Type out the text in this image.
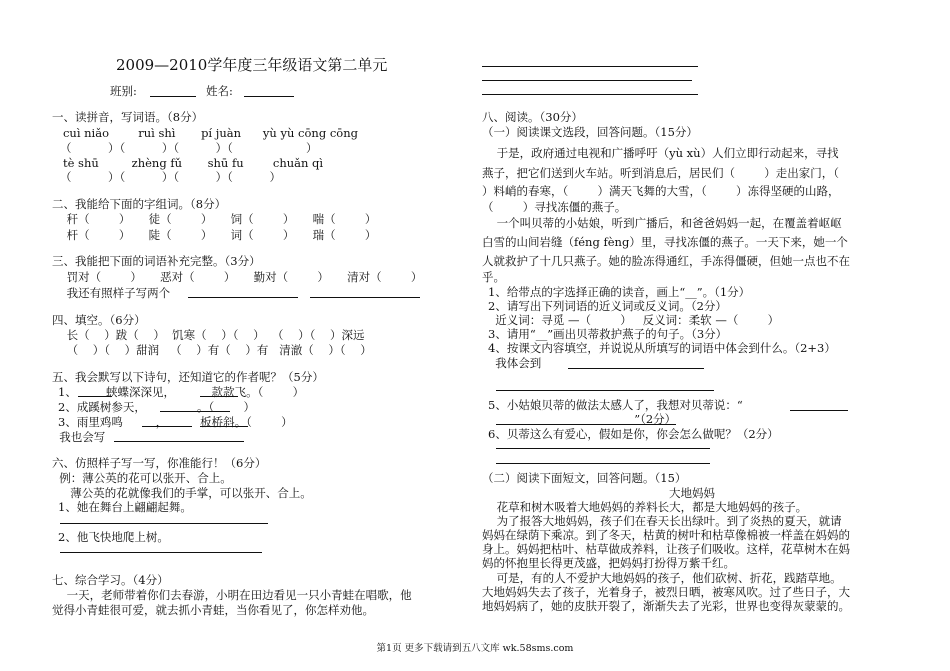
2009—2010学年度三年级语文第二单元
班别:	姓名:
一、读拼音，写词语。（8分）
cuì niǎo        ruì shì       pí juàn      yù yù cōng cōng
（          ）（          ）（          ）（                    ）
tè shū         zhèng fǔ       shū fu        chuǎn qì
（          ）（          ）（          ）（          ）
二、我能给下面的字组词。（8分）
秆（        ）     徒（        ）     饲（        ）     喘（        ）
杆（        ）     陡（        ）     词（        ）     瑞（        ）
三、我能把下面的词语补充完整。（3分）
罚对（        ）     恶对（        ）     勤对（        ）     清对（        ）
我还有照样子写两个
四、填空。（6分）
长（    ）跋（    ）  饥寒（    ）（    ）  （    ）（    ）深远
（    ）（    ）甜润   （    ）有（    ）有   清澈（    ）（    ）
五、我会默写以下诗句，还知道它的作者呢？（5分）
1、        蛱蝶深深见，          款款飞。（        ）
2、成蹊树参天，              。（        ）
3、雨里鸡鸣         ，         板桥斜。（        ）
我也会写
六、仿照样子写一写，你准能行！（6分）
例：薄公英的花可以张开、合上。
薄公英的花就像我们的手掌，可以张开、合上。
1、她在舞台上翩翩起舞。
2、他飞快地爬上树。
七、综合学习。（4分）
一天，老师带着你们去春游，小明在田边看见一只小青蛙在唱歌，他
觉得小青蛙很可爱，就去抓小青蛙，当你看见了，你怎样劝他。
八、阅读。（30分）
（一）阅读课文选段，回答问题。（15分）
于是，政府通过电视和广播呼吁（yù xù）人们立即行动起来，寻找
燕子，把它们送到火车站。听到消息后，居民们（        ）走出家门，（
）料峭的春寒，（        ）满天飞舞的大雪，（        ）冻得坚硬的山路，
（        ）寻找冻僵的燕子。
一个叫贝蒂的小姑娘，听到广播后，和爸爸妈妈一起，在覆盖着岖岖
白雪的山间岩缝（féng fèng）里，寻找冻僵的燕子。一天下来，她一个
人就救护了十几只燕子。她的脸冻得通红，手冻得僵硬，但她一点也不在
乎。
1、给带点的字选择正确的读音，画上“__”。（1分）
2、请写出下列词语的近义词或反义词。（2分）
近义词：寻觅 —（        ）   反义词：柔软 —（        ）
3、请用“__”画出贝蒂救护燕子的句子。（3分）
4、按课文内容填空，并说说从所填写的词语中体会到什么。（2+3）
我体会到
5、小姑娘贝蒂的做法太感人了，我想对贝蒂说：“
”（2分）
6、贝蒂这么有爱心，假如是你，你会怎么做呢？（2分）
（二）阅读下面短文，回答问题。（15）
大地妈妈
花草和树木吸着大地妈妈的养料长大，都是大地妈妈的孩子。
为了报答大地妈妈，孩子们在春天长出绿叶。到了炎热的夏天，就请
妈妈在绿荫下乘凉。到了冬天，枯黄的树叶和枯草像棉被一样盖在妈妈的
身上。妈妈把枯叶、枯草做成养料，让孩子们吸收。这样，花草树木在妈
妈的怀抱里长得更茂盛，把妈妈打扮得万紫千红。
可是，有的人不爱护大地妈妈的孩子，他们砍树、折花，践踏草地。
大地妈妈失去了孩子，光着身子，被烈日晒，被寒风吹。过了些日子，大
地妈妈病了，她的皮肤开裂了，渐渐失去了光彩，世界也变得灰蒙蒙的。
第1页 更多下载请到五八文库 wk.58sms.com
